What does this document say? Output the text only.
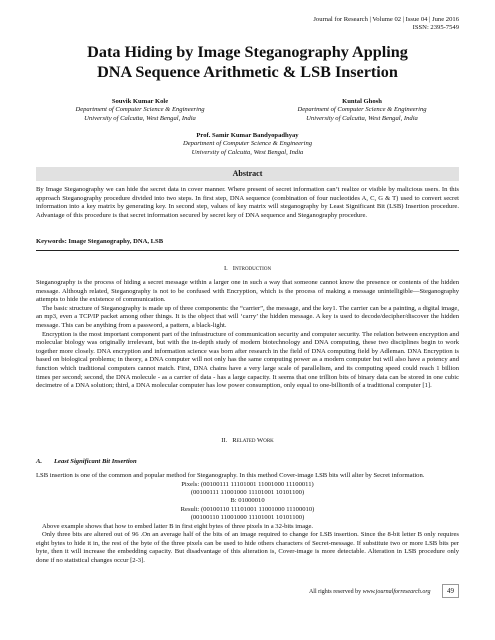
Journal for Research | Volume 02 | Issue 04 | June 2016
ISSN: 2395-7549
Data Hiding by Image Steganography Appling
DNA Sequence Arithmetic & LSB Insertion
Souvik Kumar Kole
Department of Computer Science & Engineering
University of Calcutta, West Bengal, India
Kuntal Ghosh
Department of Computer Science & Engineering
University of Calcutta, West Bengal, India
Prof. Samir Kumar Bandyopadhyay
Department of Computer Science & Engineering
University of Calcutta, West Bengal, India
Abstract
By Image Steganography we can hide the secret data in cover manner. Where present of secret information can’t realize or visible by malicious users. In this approach Steganography procedure divided into two steps. In first step, DNA sequence (combination of four nucleotides A, C, G & T) used to convert secret information into a key matrix by generating key. In second step, values of key matrix will steganography by Least Significant Bit (LSB) Insertion procedure. Advantage of this procedure is that secret information secured by secret key of DNA sequence and Steganography procedure.
Keywords: Image Steganography, DNA, LSB
I. Introduction

Steganography is the process of hiding a secret message within a larger one in such a way that someone cannot know the presence or contents of the hidden message. Although related, Steganography is not to be confused with Encryption, which is the process of making a message unintelligible—Steganography attempts to hide the existence of communication.

The basic structure of Steganography is made up of three components: the “carrier”, the message, and the key1. The carrier can be a painting, a digital image, an mp3, even a TCP/IP packet among other things. It is the object that will ‘carry’ the hidden message. A key is used to decode/decipher/discover the hidden message. This can be anything from a password, a pattern, a black-light.

Encryption is the most important component part of the infrastructure of communication security and computer security. The relation between encryption and molecular biology was originally irrelevant, but with the in-depth study of modern biotechnology and DNA computing, these two disciplines begin to work together more closely. DNA encryption and information science was born after research in the field of DNA computing field by Adleman. DNA Encryption is based on biological problems; in theory, a DNA computer will not only has the same computing power as a modern computer but will also have a potency and function which traditional computers cannot match. First, DNA chains have a very large scale of parallelism, and its computing speed could reach 1 billion times per second; second, the DNA molecule - as a carrier of data - has a large capacity. It seems that one trillion bits of binary data can be stored in one cubic decimetre of a DNA solution; third, a DNA molecular computer has low power consumption, only equal to one-billionth of a traditional computer [1].

II. Related Work
A. Least Significant Bit Insertion

LSB insertion is one of the common and popular method for Steganography. In this method Cover-image LSB bits will alter by Secret information.

Pixels: (00100111 11101001 11001000 11100011)
(00100111 11001000 11101001 10101100)
B: 01000010
Result: (00100110 11101001 11001000 11100010)
(00100110 11001000 11101001 10101100)

Above example shows that how to embed latter B in first eight bytes of three pixels in a 32-bits image.

Only three bits are altered out of 96 .On an average half of the bits of an image required to change for LSB insertion. Since the 8-bit letter B only requires eight bytes to hide it in, the rest of the byte of the three pixels can be used to hide others characters of Secret-message. If substitute two or more LSB bits per byte, then it will increase the embedding capacity. But disadvantage of this alteration is, Cover-image is more detectable. Alteration in LSB procedure only done if no statistical changes occur [2-3].

All rights reserved by www.journalforresearch.org 49
